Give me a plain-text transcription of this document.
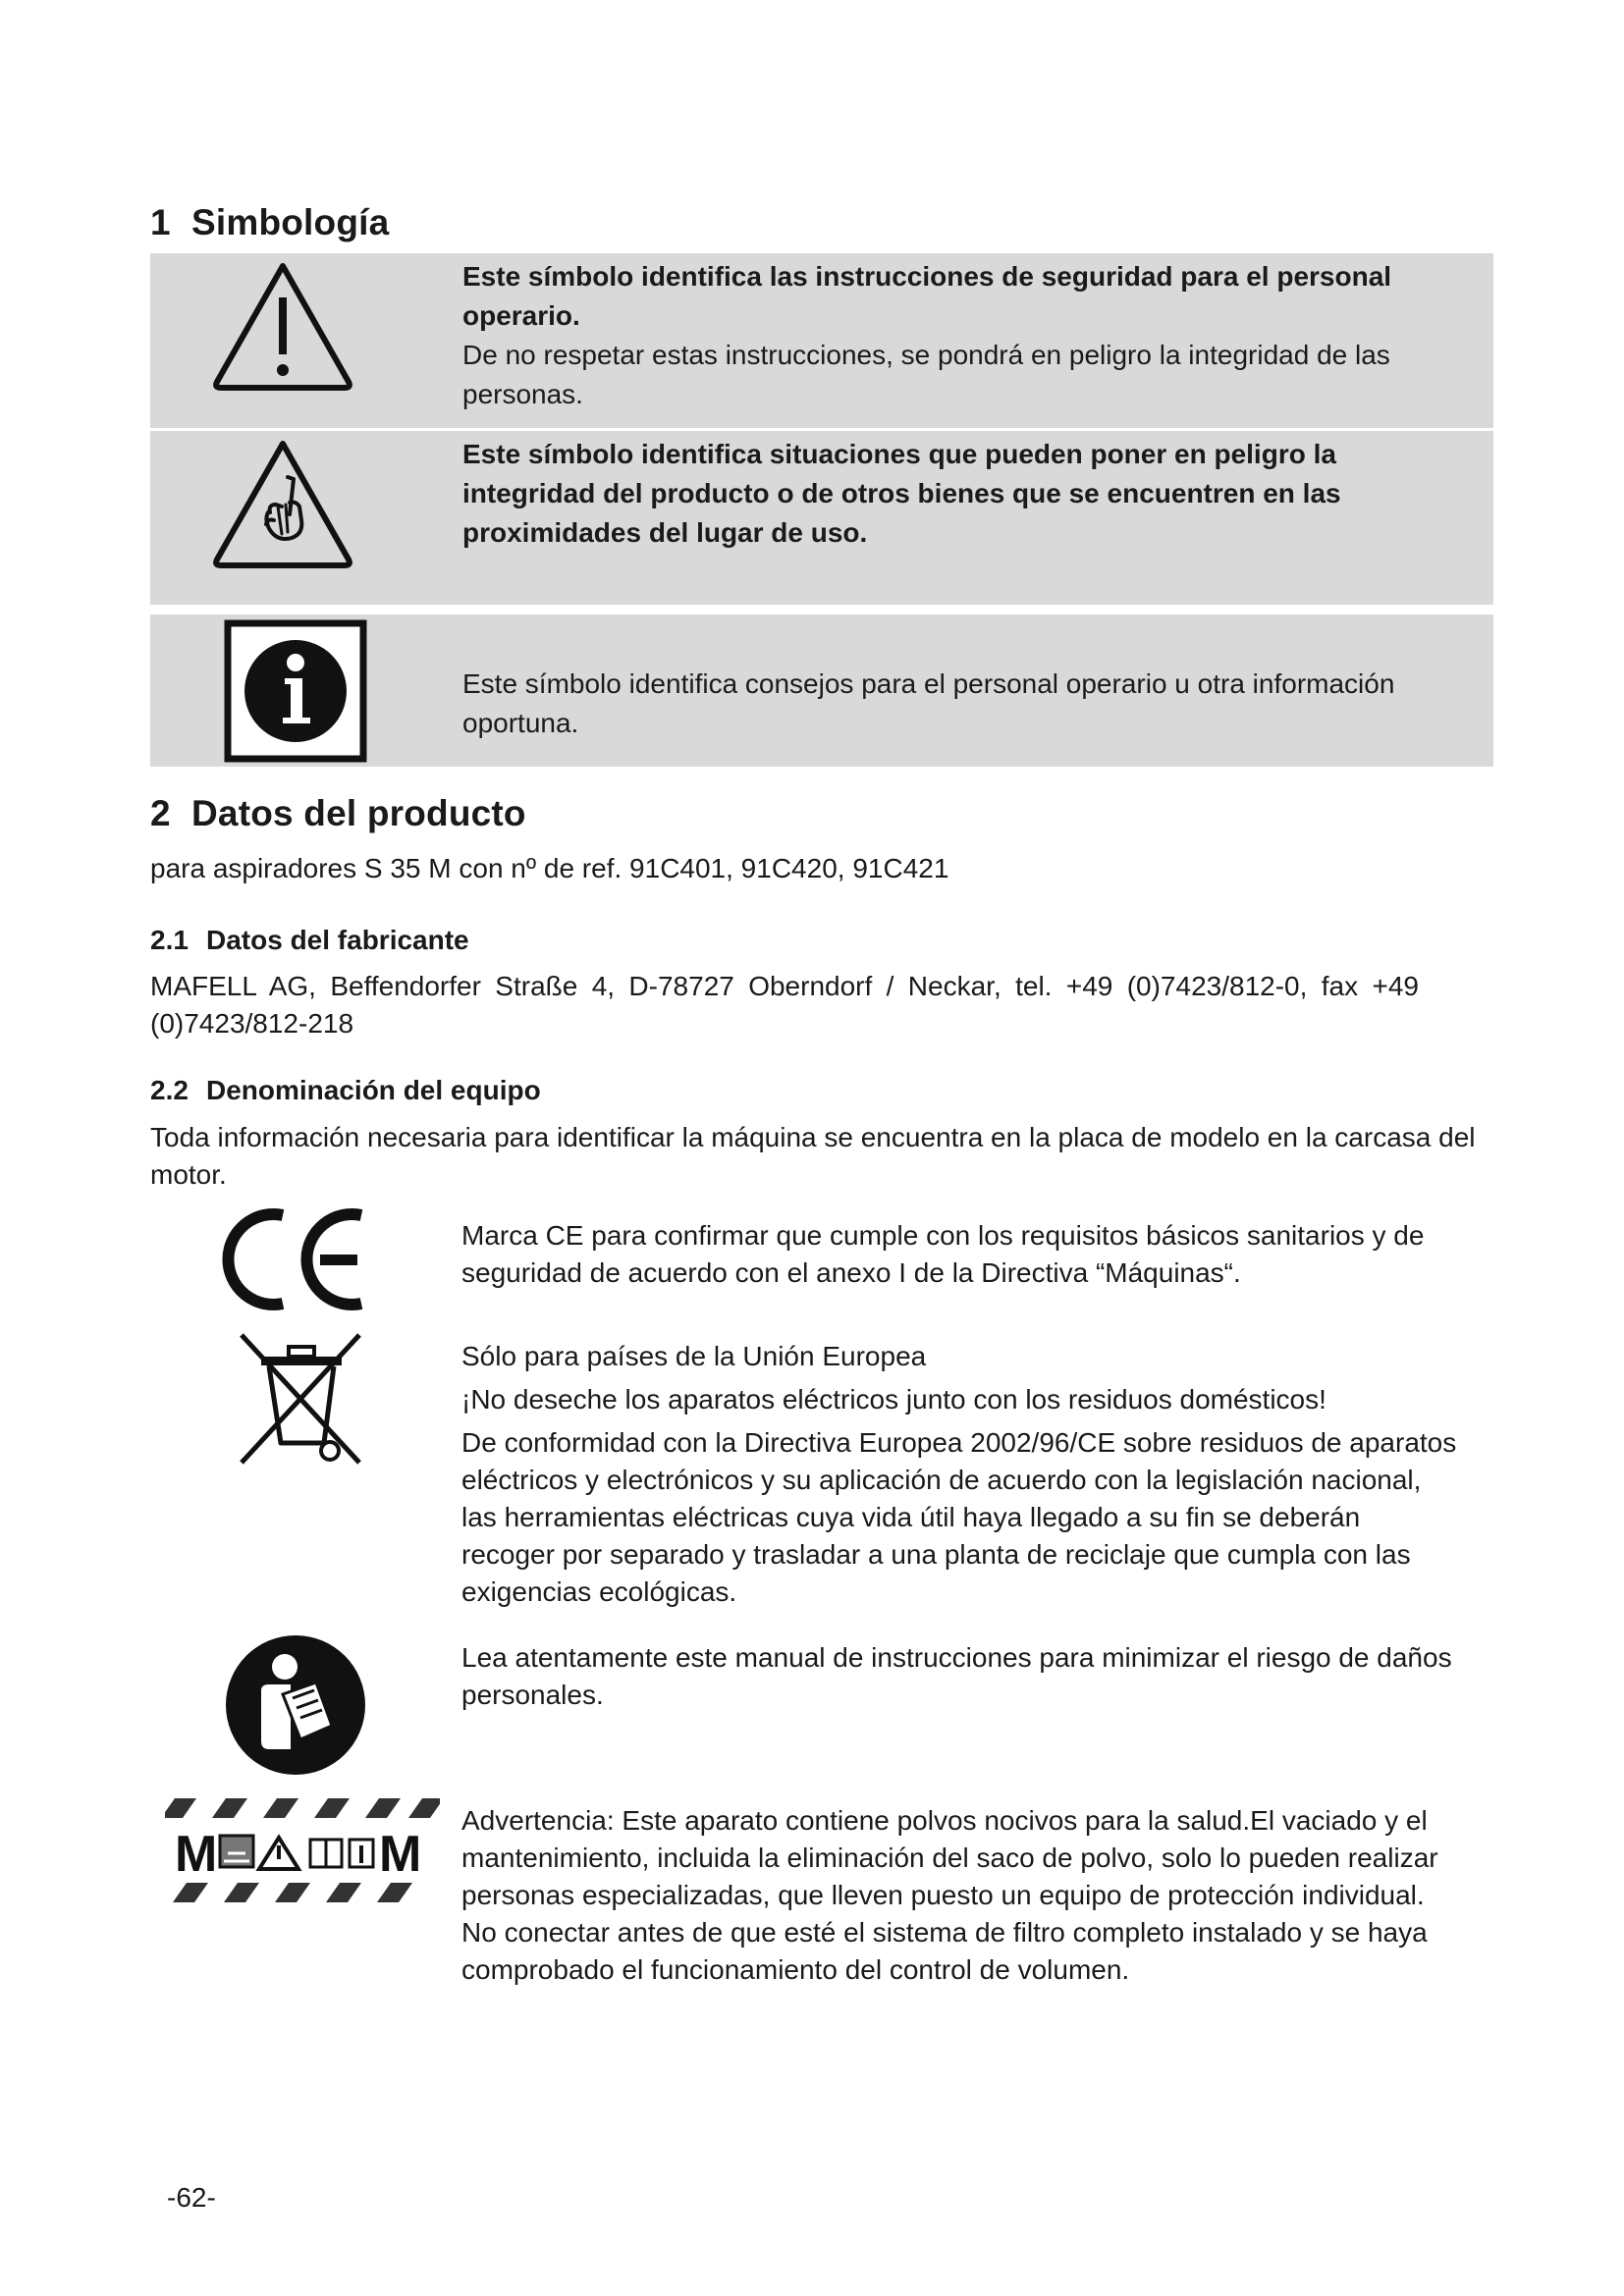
1 Simbología
Este símbolo identifica las instrucciones de seguridad para el personal operario.
De no respetar estas instrucciones, se pondrá en peligro la integridad de las personas.
Este símbolo identifica situaciones que pueden poner en peligro la integridad del producto o de otros bienes que se encuentren en las proximidades del lugar de uso.
Este símbolo identifica consejos para el personal operario u otra información oportuna.
2 Datos del producto
para aspiradores S 35 M con nº de ref. 91C401, 91C420, 91C421
2.1 Datos del fabricante
MAFELL AG, Beffendorfer Straße 4, D-78727 Oberndorf / Neckar, tel. +49 (0)7423/812-0, fax +49 (0)7423/812-218
2.2 Denominación del equipo
Toda información necesaria para identificar la máquina se encuentra en la placa de modelo en la carcasa del motor.

Marca CE para confirmar que cumple con los requisitos básicos sanitarios y de seguridad de acuerdo con el anexo I de la Directiva “Máquinas“.

Sólo para países de la Unión Europea

¡No deseche los aparatos eléctricos junto con los residuos domésticos!

De conformidad con la Directiva Europea 2002/96/CE sobre residuos de aparatos eléctricos y electrónicos y su aplicación de acuerdo con la legislación nacional, las herramientas eléctricas cuya vida útil haya llegado a su fin se deberán recoger por separado y trasladar a una planta de reciclaje que cumpla con las exigencias ecológicas.

Lea atentamente este manual de instrucciones para minimizar el riesgo de daños personales.

M	M

Advertencia: Este aparato contiene polvos nocivos para la salud.El vaciado y el mantenimiento, incluida la eliminación del saco de polvo, solo lo pueden realizar personas especializadas, que lleven puesto un equipo de protección individual. No conectar antes de que esté el sistema de filtro completo instalado y se haya comprobado el funcionamiento del control de volumen.

-62-
